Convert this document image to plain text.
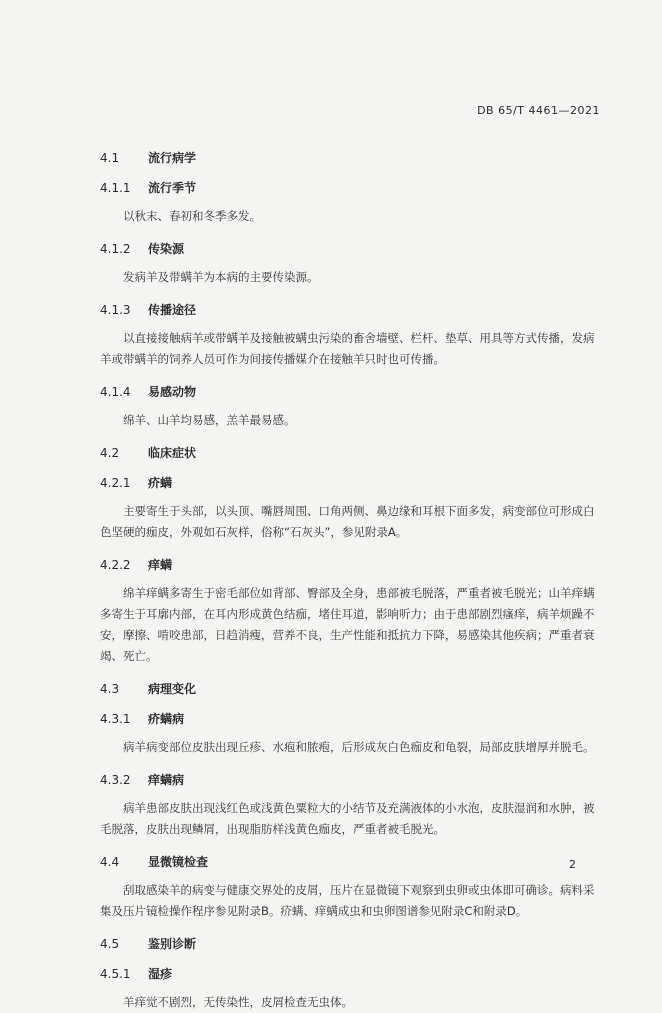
DB 65/T 4461—2021
4.1	流行病学
4.1.1 流行季节
以秋末、春初和冬季多发。
4.1.2 传染源
发病羊及带螨羊为本病的主要传染源。
4.1.3 传播途径
以直接接触病羊或带螨羊及接触被螨虫污染的畜舍墙壁、栏杆、垫草、用具等方式传播，发病羊或带螨羊的饲养人员可作为间接传播媒介在接触羊只时也可传播。
4.1.4 易感动物
绵羊、山羊均易感，羔羊最易感。
4.2	临床症状
4.2.1 疥螨
主要寄生于头部，以头顶、嘴唇周围、口角两侧、鼻边缘和耳根下面多发，病变部位可形成白色坚硬的痂皮，外观如石灰样，俗称“石灰头”，参见附录A。
4.2.2 痒螨
绵羊痒螨多寄生于密毛部位如背部、臀部及全身，患部被毛脱落，严重者被毛脱光；山羊痒螨多寄生于耳廓内部，在耳内形成黄色结痂，堵住耳道，影响听力；由于患部剧烈瘙痒，病羊烦躁不安，摩擦、啃咬患部，日趋消瘦，营养不良，生产性能和抵抗力下降，易感染其他疾病；严重者衰竭、死亡。
4.3	病理变化
4.3.1 疥螨病
病羊病变部位皮肤出现丘疹、水疱和脓疱，后形成灰白色痂皮和龟裂，局部皮肤增厚并脱毛。
4.3.2 痒螨病
病羊患部皮肤出现浅红色或浅黄色粟粒大的小结节及充满液体的小水泡，皮肤湿润和水肿，被毛脱落，皮肤出现鳞屑，出现脂肪样浅黄色痂皮，严重者被毛脱光。
4.4	显微镜检查
刮取感染羊的病变与健康交界处的皮屑，压片在显微镜下观察到虫卵或虫体即可确诊。病料采集及压片镜检操作程序参见附录B。疥螨、痒螨成虫和虫卵图谱参见附录C和附录D。
4.5	鉴别诊断
4.5.1 湿疹
羊痒觉不剧烈，无传染性，皮屑检查无虫体。
2
